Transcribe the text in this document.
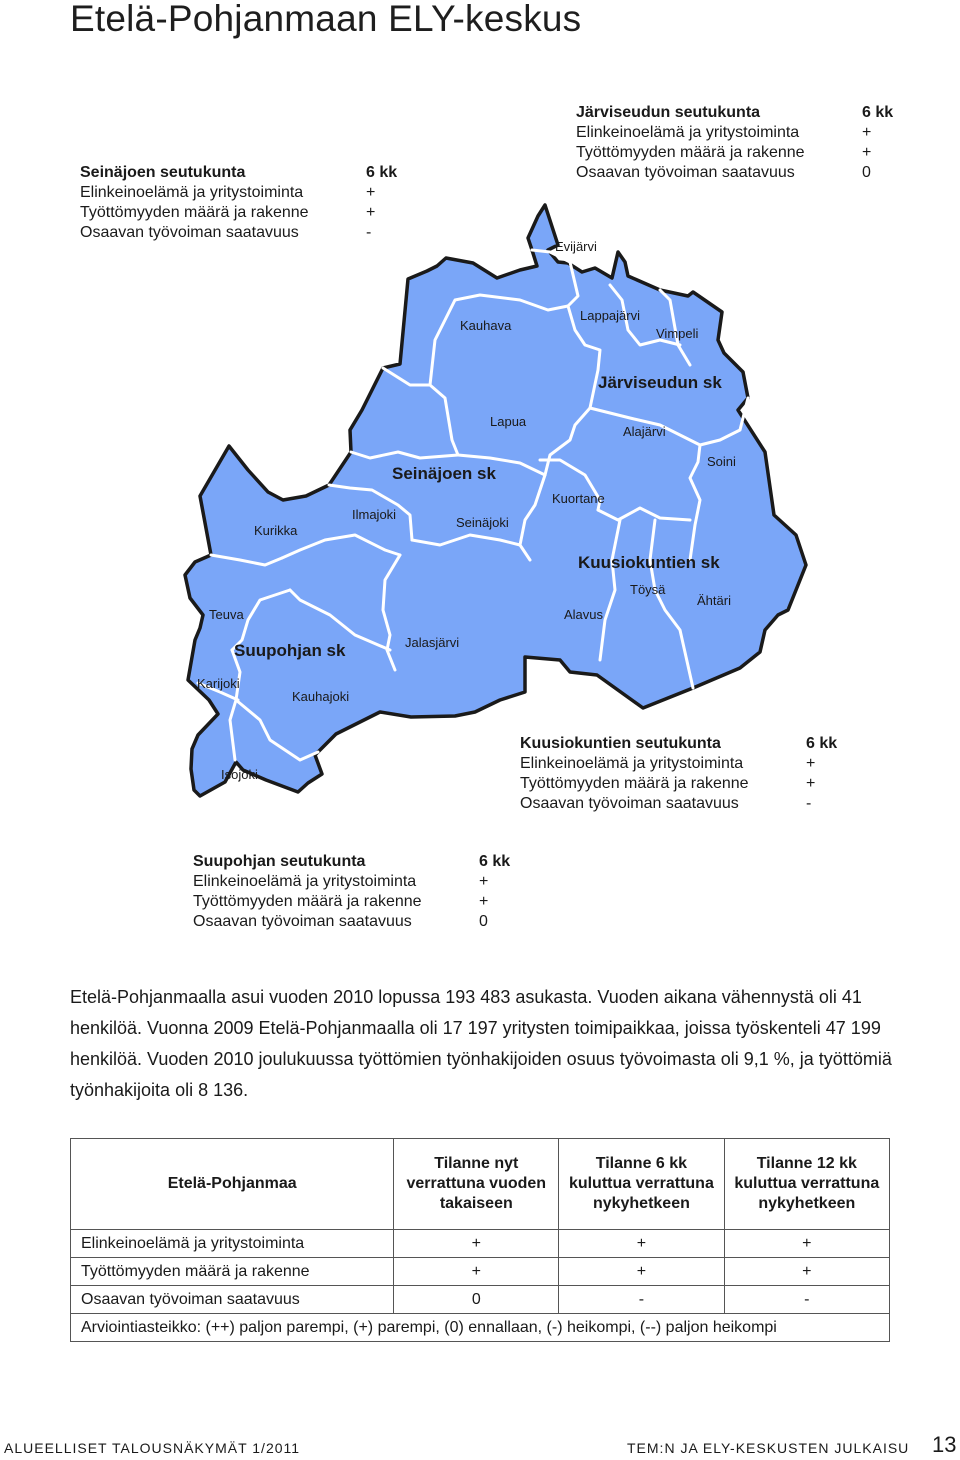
Etelä-Pohjanmaan ELY-keskus
Evijärvi
Kauhava
Lappajärvi
Vimpeli
Järviseudun sk
Lapua
Alajärvi
Soini
Seinäjoen sk
Kuortane
Ilmajoki
Seinäjoki
Kurikka
Kuusiokuntien sk
Töysä
Ähtäri
Teuva	Alavus
Jalasjärvi
Suupohjan sk
Karijoki
Kauhajoki
Isojoki
Seinäjoen seutukunta	6 kk
Elinkeinoelämä ja yritystoiminta	+
Työttömyyden määrä ja rakenne	+
Osaavan työvoiman saatavuus	-
Järviseudun seutukunta	6 kk
Elinkeinoelämä ja yritystoiminta	+
Työttömyyden määrä ja rakenne	+
Osaavan työvoiman saatavuus	0
Kuusiokuntien seutukunta	6 kk
Elinkeinoelämä ja yritystoiminta	+
Työttömyyden määrä ja rakenne	+
Osaavan työvoiman saatavuus	-
Suupohjan seutukunta	6 kk
Elinkeinoelämä ja yritystoiminta	+
Työttömyyden määrä ja rakenne	+
Osaavan työvoiman saatavuus	0

Etelä-Pohjanmaalla asui vuoden 2010 lopussa 193 483 asukasta. Vuoden aikana vähennystä oli 41 henkilöä. Vuonna 2009 Etelä-Pohjanmaalla oli 17 197 yritysten toimipaikkaa, joissa työskenteli 47 199 henkilöä. Vuoden 2010 joulukuussa työttömien työnhakijoiden osuus työvoimasta oli 9,1 %, ja työttömiä työnhakijoita oli 8 136.

Etelä-Pohjanmaa	Tilanne nyt verrattuna vuoden takaiseen	Tilanne 6 kk kuluttua verrattuna nykyhetkeen	Tilanne 12 kk kuluttua verrattuna nykyhetkeen
Elinkeinoelämä ja yritystoiminta	+	+	+
Työttömyyden määrä ja rakenne	+	+	+
Osaavan työvoiman saatavuus	0	-	-
Arviointiasteikko: (++) paljon parempi, (+) parempi, (0) ennallaan, (-) heikompi, (--) paljon heikompi			
ALUEELLISET TALOUSNÄKYMÄT 1/2011	TEM:N JA ELY-KESKUSTEN JULKAISU 13
